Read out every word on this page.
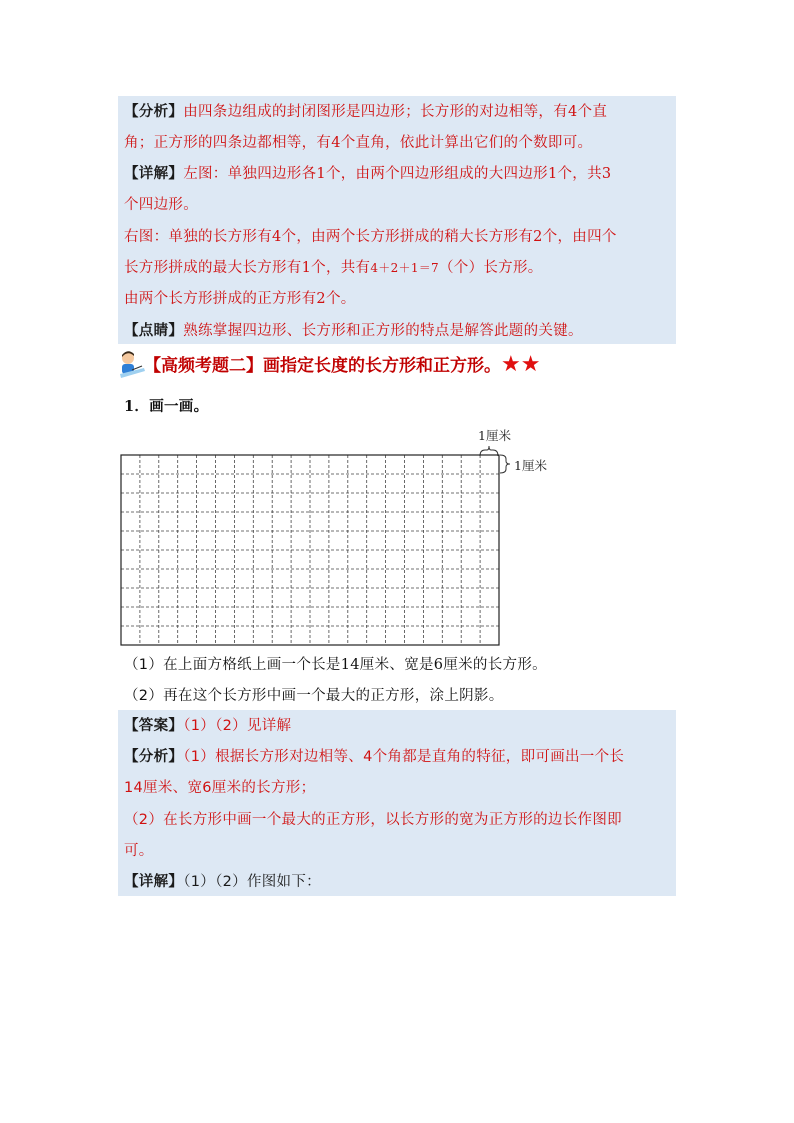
【分析】由四条边组成的封闭图形是四边形；长方形的对边相等，有4个直
角；正方形的四条边都相等，有4个直角，依此计算出它们的个数即可。
【详解】左图：单独四边形各1个，由两个四边形组成的大四边形1个，共3
个四边形。
右图：单独的长方形有4个，由两个长方形拼成的稍大长方形有2个，由四个
长方形拼成的最大长方形有1个，共有4＋2＋1＝7（个）长方形。
由两个长方形拼成的正方形有2个。
【点睛】熟练掌握四边形、长方形和正方形的特点是解答此题的关键。
【高频考题二】画指定长度的长方形和正方形。★★
1．画一画。
1厘米
1厘米
（1）在上面方格纸上画一个长是14厘米、宽是6厘米的长方形。
（2）再在这个长方形中画一个最大的正方形，涂上阴影。
【答案】（1）（2）见详解
【分析】（1）根据长方形对边相等、4个角都是直角的特征，即可画出一个长
14厘米、宽6厘米的长方形；
（2）在长方形中画一个最大的正方形，以长方形的宽为正方形的边长作图即
可。
【详解】（1）（2）作图如下：
